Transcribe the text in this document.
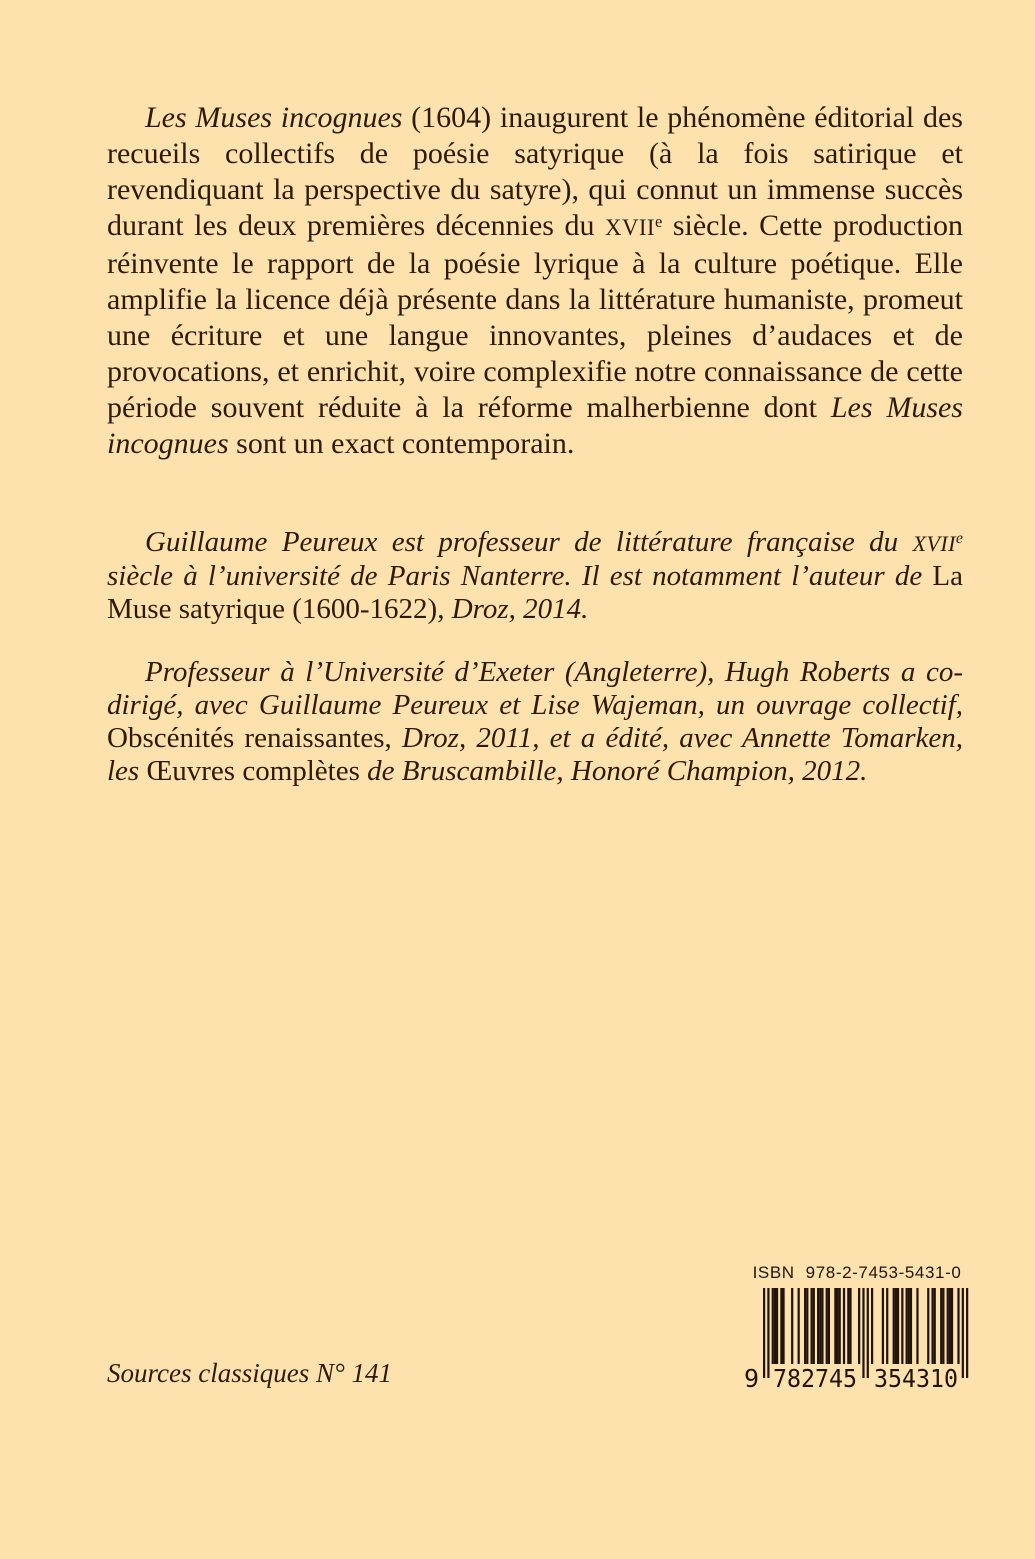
Les Muses incognues (1604) inaugurent le phénomène éditorial des recueils collectifs de poésie satyrique (à la fois satirique et revendiquant la perspective du satyre), qui connut un immense succès durant les deux premières décennies du XVIIe siècle. Cette production réinvente le rapport de la poésie lyrique à la culture poétique. Elle amplifie la licence déjà présente dans la littérature humaniste, promeut une écriture et une langue innovantes, pleines d’audaces et de provocations, et enrichit, voire complexifie notre connaissance de cette période souvent réduite à la réforme malherbienne dont Les Muses incognues sont un exact contemporain.

Guillaume Peureux est professeur de littérature française du XVIIe siècle à l’université de Paris Nanterre. Il est notamment l’auteur de La Muse satyrique (1600-1622), Droz, 2014.

Professeur à l’Université d’Exeter (Angleterre), Hugh Roberts a co-dirigé, avec Guillaume Peureux et Lise Wajeman, un ouvrage collectif, Obscénités renaissantes, Droz, 2011, et a édité, avec Annette Tomarken, les Œuvres complètes de Bruscambille, Honoré Champion, 2012.

Sources classiques N° 141
ISBN 978-2-7453-5431-0
9 782745 354310
